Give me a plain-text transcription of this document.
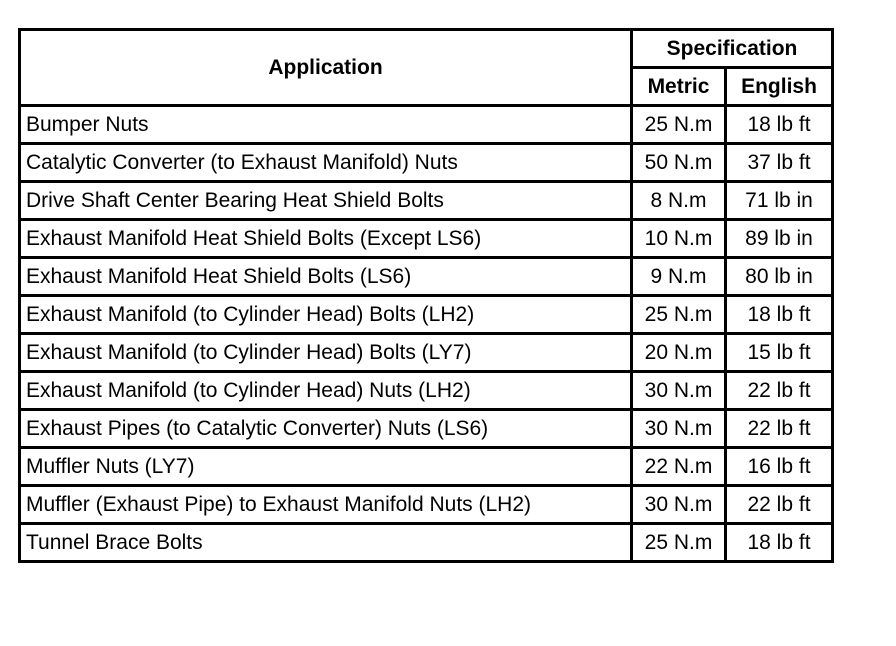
Application	Specification	
	Metric	English
Bumper Nuts	25 N.m	18 lb ft
Catalytic Converter (to Exhaust Manifold) Nuts	50 N.m	37 lb ft
Drive Shaft Center Bearing Heat Shield Bolts	8 N.m	71 lb in
Exhaust Manifold Heat Shield Bolts (Except LS6)	10 N.m	89 lb in
Exhaust Manifold Heat Shield Bolts (LS6)	9 N.m	80 lb in
Exhaust Manifold (to Cylinder Head) Bolts (LH2)	25 N.m	18 lb ft
Exhaust Manifold (to Cylinder Head) Bolts (LY7)	20 N.m	15 lb ft
Exhaust Manifold (to Cylinder Head) Nuts (LH2)	30 N.m	22 lb ft
Exhaust Pipes (to Catalytic Converter) Nuts (LS6)	30 N.m	22 lb ft
Muffler Nuts (LY7)	22 N.m	16 lb ft
Muffler (Exhaust Pipe) to Exhaust Manifold Nuts (LH2)	30 N.m	22 lb ft
Tunnel Brace Bolts	25 N.m	18 lb ft
